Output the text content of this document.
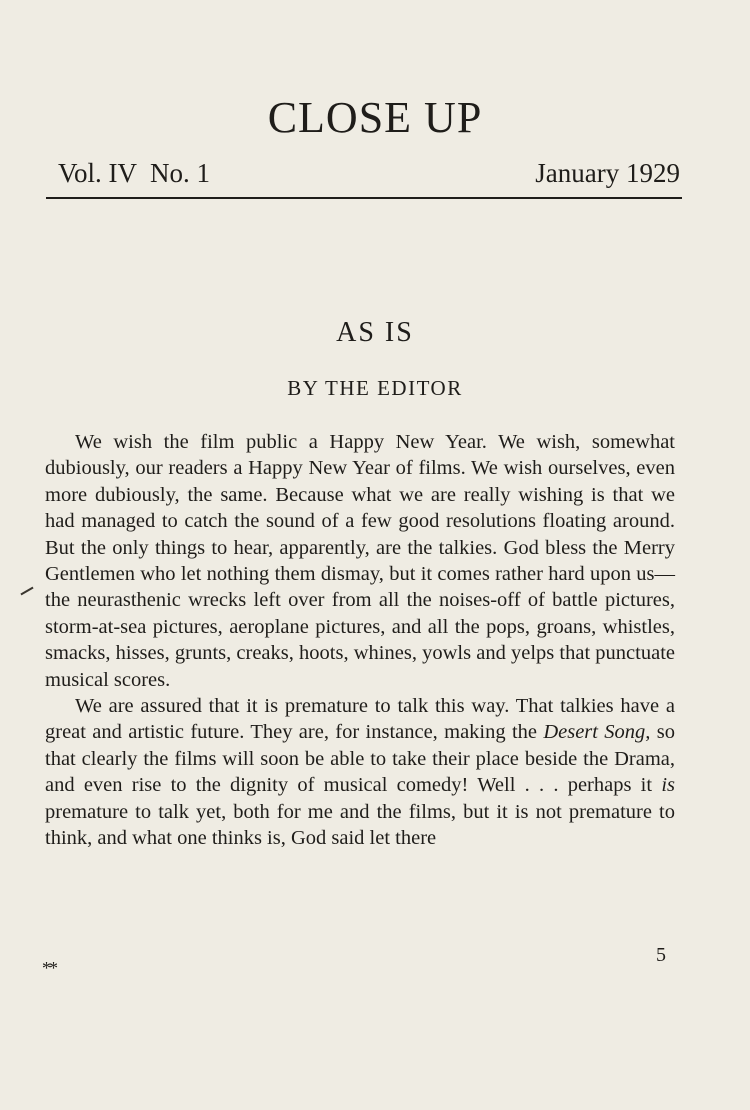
CLOSE UP
Vol. IV  No. 1	January 1929
AS IS
BY THE EDITOR

We wish the film public a Happy New Year. We wish, somewhat dubiously, our readers a Happy New Year of films. We wish ourselves, even more dubiously, the same. Because what we are really wishing is that we had managed to catch the sound of a few good resolutions floating around. But the only things to hear, apparently, are the talkies. God bless the Merry Gentlemen who let nothing them dismay, but it comes rather hard upon us—the neurasthenic wrecks left over from all the noises-off of battle pictures, storm-at-sea pictures, aeroplane pictures, and all the pops, groans, whistles, smacks, hisses, grunts, creaks, hoots, whines, yowls and yelps that punctuate musical scores.

We are assured that it is premature to talk this way. That talkies have a great and artistic future. They are, for instance, making the Desert Song, so that clearly the films will soon be able to take their place beside the Drama, and even rise to the dignity of musical comedy! Well . . . perhaps it is premature to talk yet, both for me and the films, but it is not premature to think, and what one thinks is, God said let there

5
**
